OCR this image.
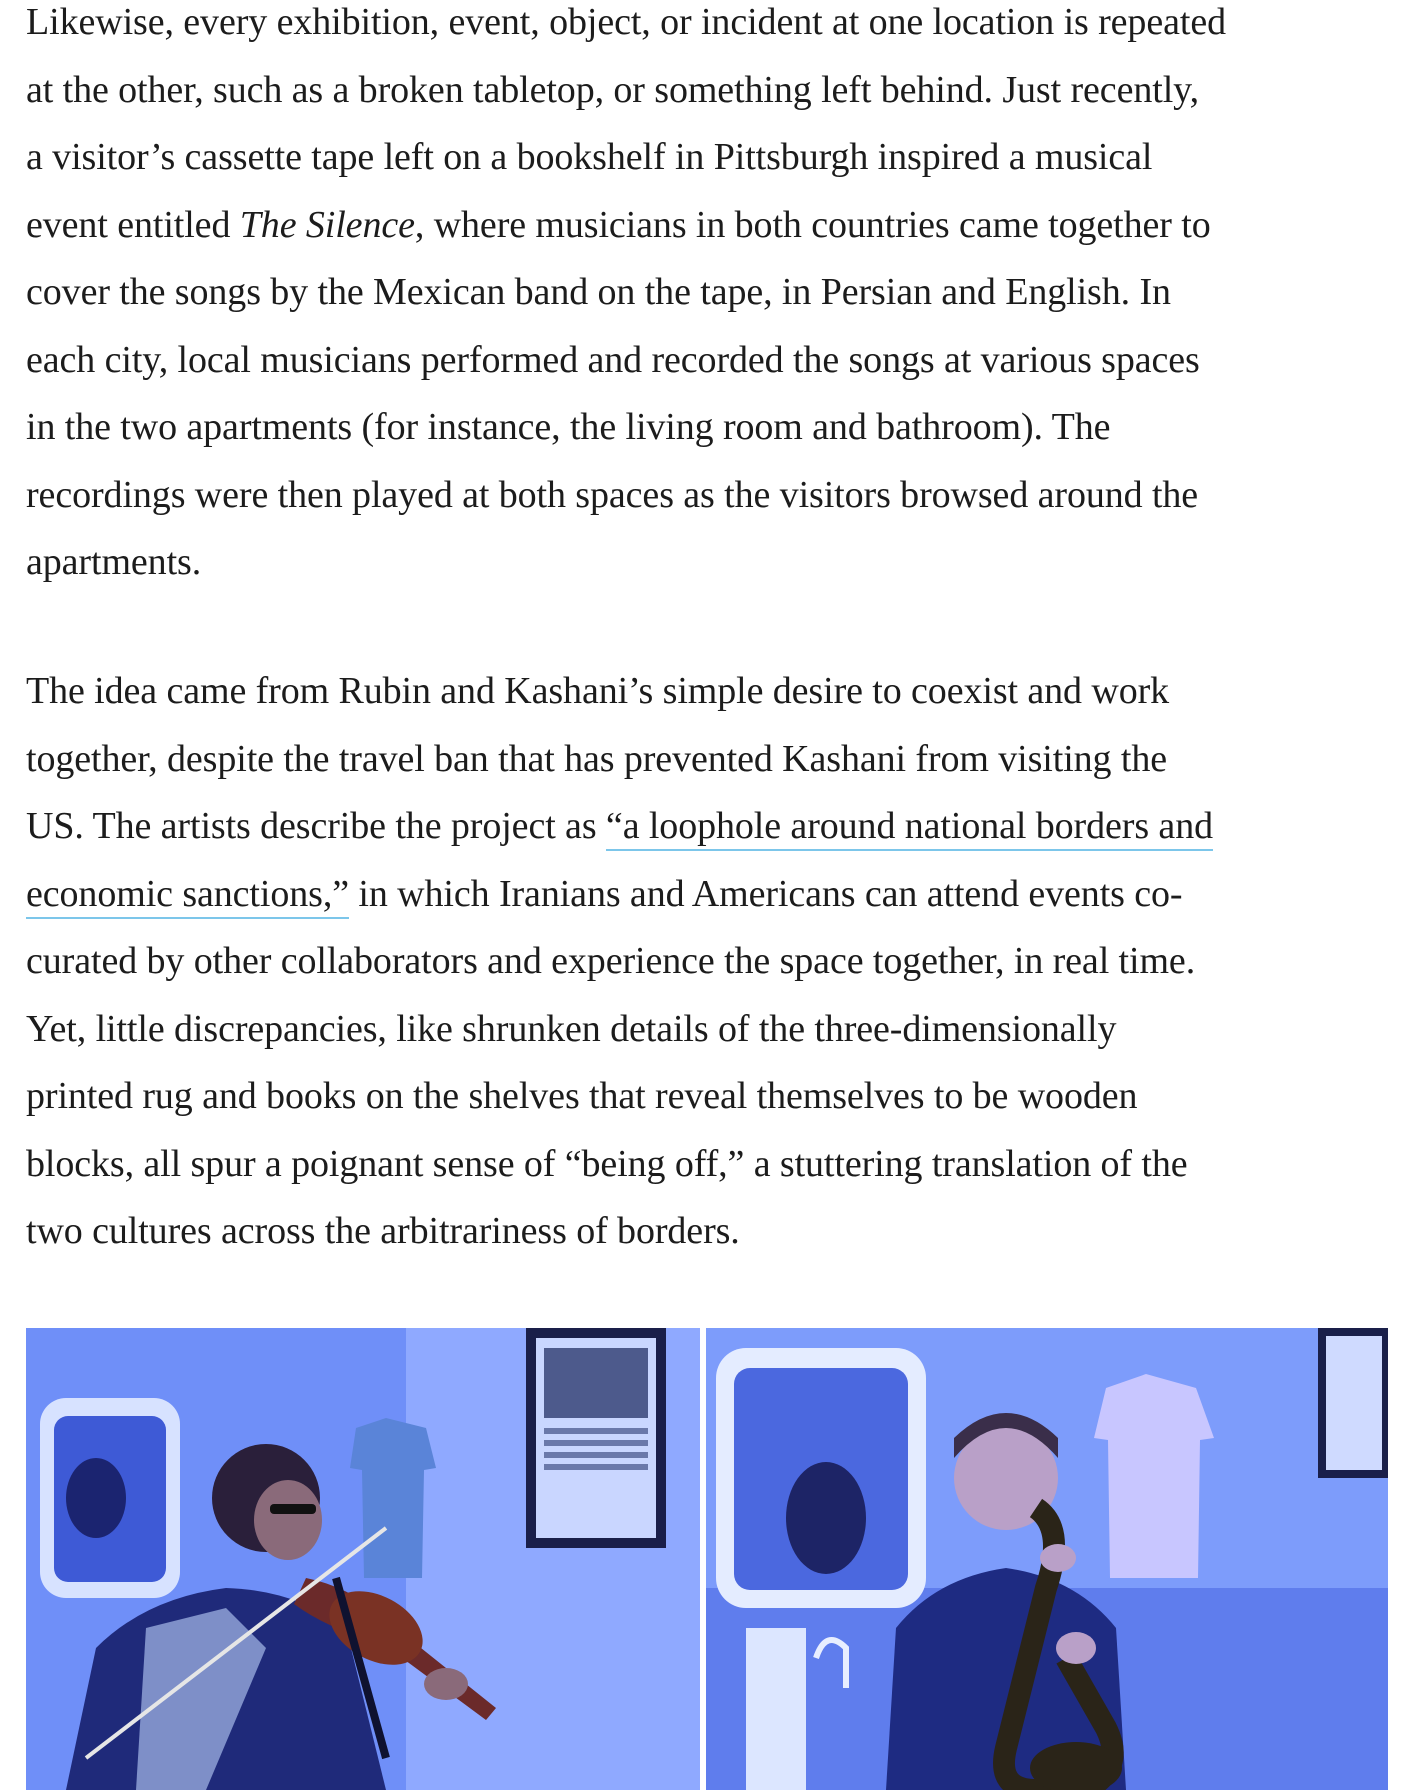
Likewise, every exhibition, event, object, or incident at one location is repeated

at the other, such as a broken tabletop, or something left behind. Just recently,

a visitor’s cassette tape left on a bookshelf in Pittsburgh inspired a musical

event entitled The Silence, where musicians in both countries came together to

cover the songs by the Mexican band on the tape, in Persian and English. In

each city, local musicians performed and recorded the songs at various spaces

in the two apartments (for instance, the living room and bathroom). The

recordings were then played at both spaces as the visitors browsed around the

apartments.

The idea came from Rubin and Kashani’s simple desire to coexist and work

together, despite the travel ban that has prevented Kashani from visiting the

US. The artists describe the project as “a loophole around national borders and

economic sanctions,” in which Iranians and Americans can attend events co-

curated by other collaborators and experience the space together, in real time.

Yet, little discrepancies, like shrunken details of the three-dimensionally

printed rug and books on the shelves that reveal themselves to be wooden

blocks, all spur a poignant sense of “being off,” a stuttering translation of the

two cultures across the arbitrariness of borders.
